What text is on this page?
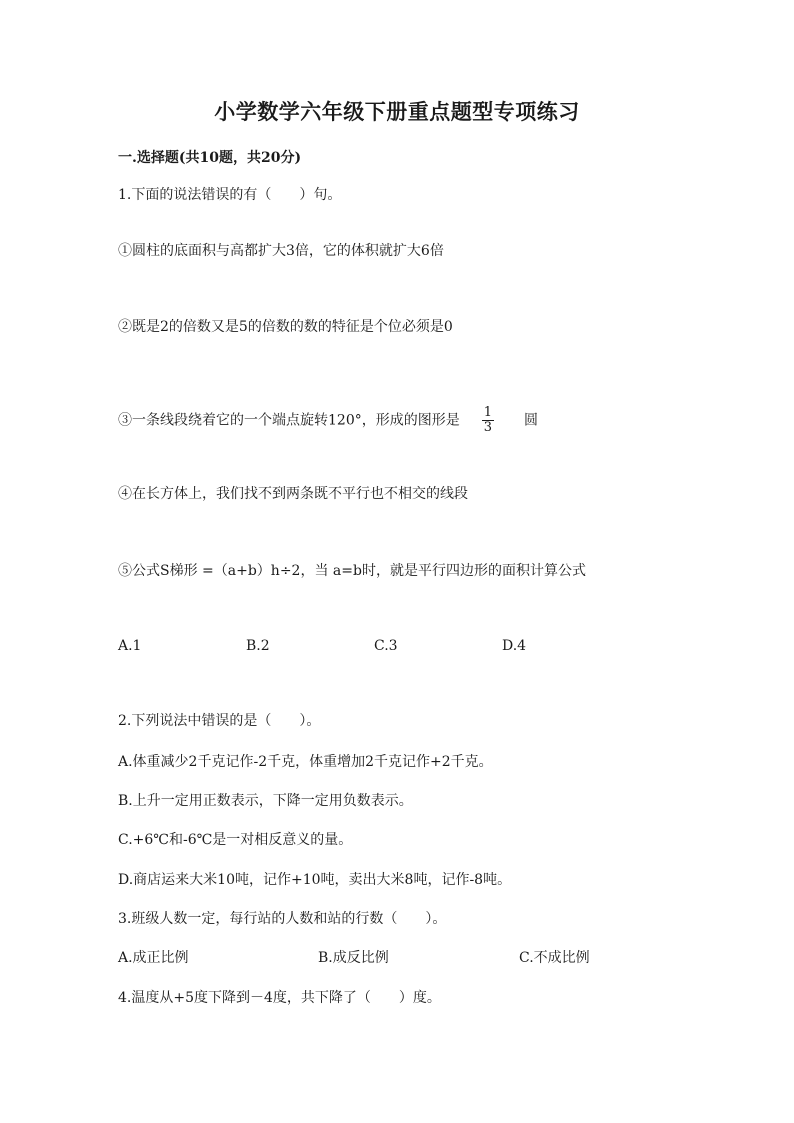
小学数学六年级下册重点题型专项练习
一.选择题(共10题，共20分)
1.下面的说法错误的有（　　）句。
①圆柱的底面积与高都扩大3倍，它的体积就扩大6倍
②既是2的倍数又是5的倍数的数的特征是个位必须是0
③一条线段绕着它的一个端点旋转120°，形成的图形是 $\frac{1}{3}$ 圆
④在长方体上，我们找不到两条既不平行也不相交的线段
⑤公式S梯形 =（a+b）h÷2，当 a=b时，就是平行四边形的面积计算公式
A.1	B.2	C.3	D.4
2.下列说法中错误的是（　　）。
A.体重减少2千克记作-2千克，体重增加2千克记作+2千克。
B.上升一定用正数表示，下降一定用负数表示。
C.+6℃和-6℃是一对相反意义的量。
D.商店运来大米10吨，记作+10吨，卖出大米8吨，记作-8吨。
3.班级人数一定，每行站的人数和站的行数（　　）。
A.成正比例	B.成反比例	C.不成比例
4.温度从+5度下降到－4度，共下降了（　　）度。
